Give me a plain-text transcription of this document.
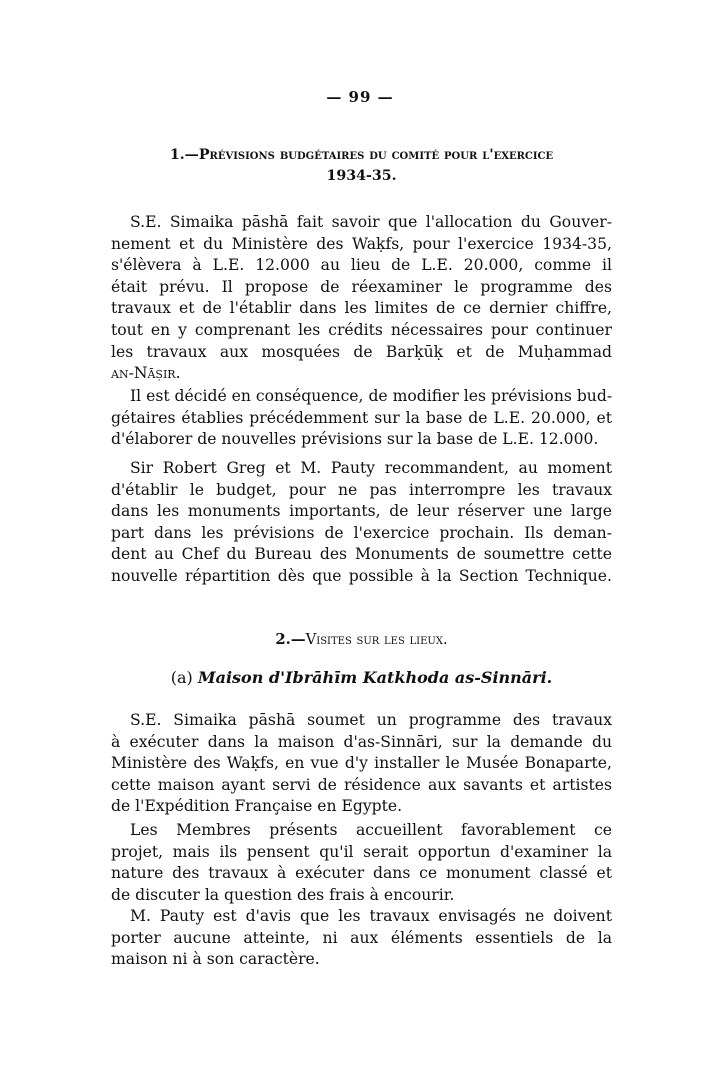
— 99 —
1.—Prévisions budgétaires du comité pour l'exercice
1934-35.
S.E. Simaika pāshā fait savoir que l'allocation du Gouver-
nement et du Ministère des Waḳfs, pour l'exercice 1934-35,
s'élèvera à L.E. 12.000 au lieu de L.E. 20.000, comme il
était prévu. Il propose de réexaminer le programme des
travaux et de l'établir dans les limites de ce dernier chiffre,
tout en y comprenant les crédits nécessaires pour continuer
les travaux aux mosquées de Barḳūḳ et de Muḥammad
an-Nāṣir.
Il est décidé en conséquence, de modifier les prévisions bud-
gétaires établies précédemment sur la base de L.E. 20.000, et
d'élaborer de nouvelles prévisions sur la base de L.E. 12.000.
Sir Robert Greg et M. Pauty recommandent, au moment
d'établir le budget, pour ne pas interrompre les travaux
dans les monuments importants, de leur réserver une large
part dans les prévisions de l'exercice prochain. Ils deman-
dent au Chef du Bureau des Monuments de soumettre cette
nouvelle répartition dès que possible à la Section Technique.
2.—Visites sur les lieux.
(a) Maison d'Ibrāhīm Katkhoda as-Sinnāri.
S.E. Simaika pāshā soumet un programme des travaux
à exécuter dans la maison d'as-Sinnāri, sur la demande du
Ministère des Waḳfs, en vue d'y installer le Musée Bonaparte,
cette maison ayant servi de résidence aux savants et artistes
de l'Expédition Française en Egypte.
Les Membres présents accueillent favorablement ce
projet, mais ils pensent qu'il serait opportun d'examiner la
nature des travaux à exécuter dans ce monument classé et
de discuter la question des frais à encourir.
M. Pauty est d'avis que les travaux envisagés ne doivent
porter aucune atteinte, ni aux éléments essentiels de la
maison ni à son caractère.
